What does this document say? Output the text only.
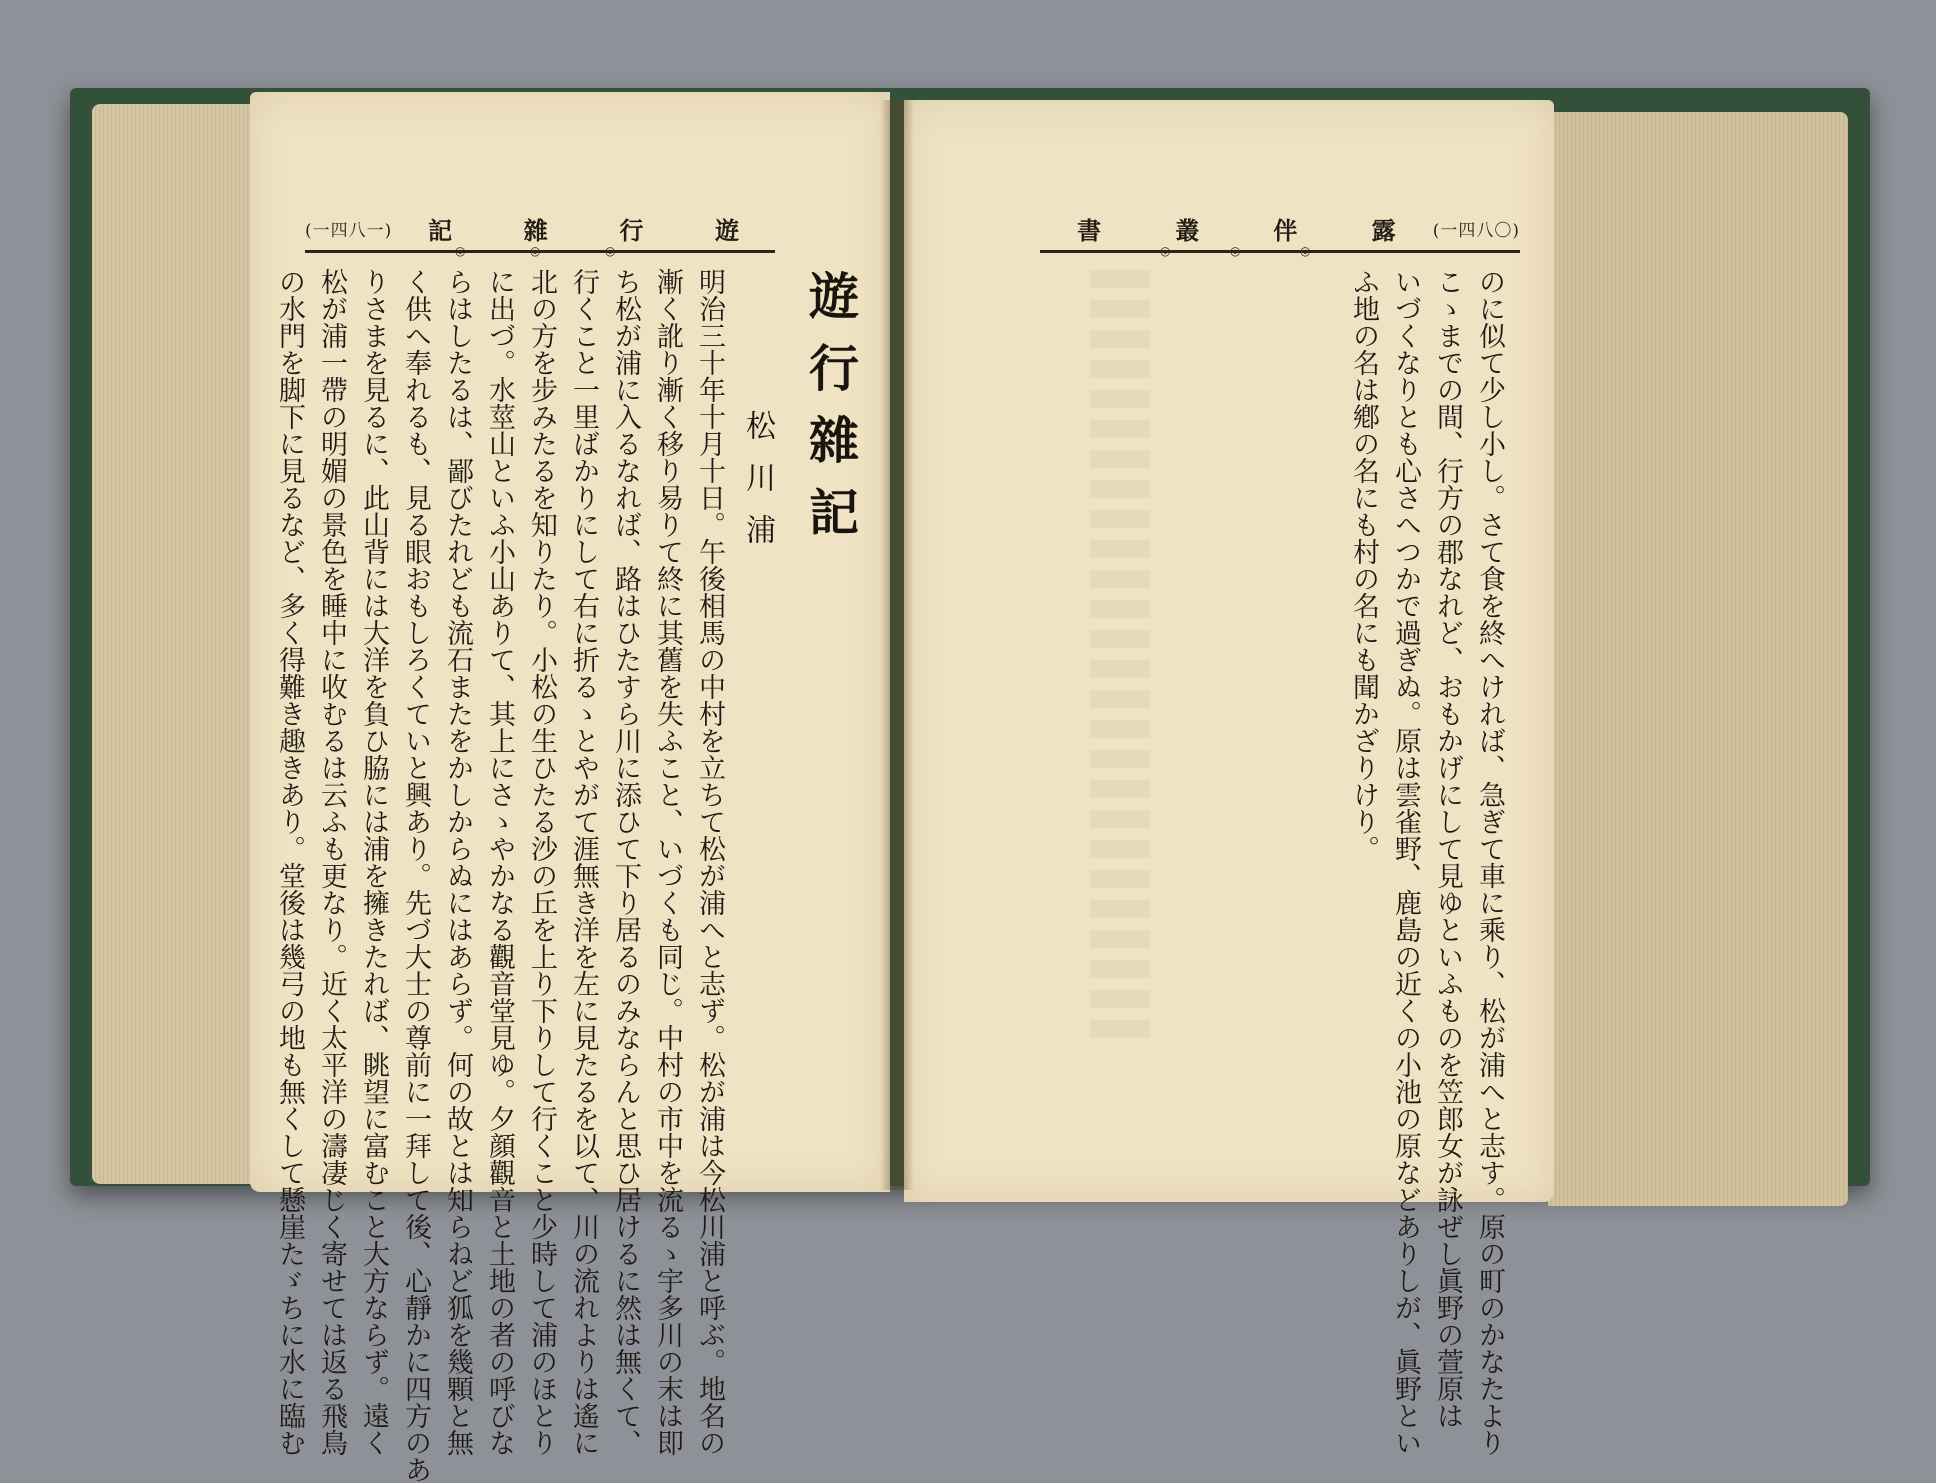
(一四八一) 記	雜	行	遊
◎	◎	◎
遊行雜記
松川浦
明治三十年十月十日。午後相馬の中村を立ちて松が浦へと志ず。松が浦は今松川浦と呼ぶ。地名の
漸く訛り漸く移り易りて終に其舊を失ふこと、いづくも同じ。中村の市中を流るゝ宇多川の末は即
ち松が浦に入るなれば、路はひたすら川に添ひて下り居るのみならんと思ひ居けるに然は無くて、
行くこと一里ばかりにして右に折るゝとやがて涯無き洋を左に見たるを以て、川の流れよりは遙に
北の方を步みたるを知りたり。小松の生ひたる沙の丘を上り下りして行くこと少時して浦のほとり
に出づ。水莖山といふ小山ありて、其上にさゝやかなる觀音堂見ゆ。夕顔觀音と土地の者の呼びな
らはしたるは、鄙びたれども流石またをかしからぬにはあらず。何の故とは知らねど狐を幾顆と無
く供へ奉れるも、見る眼おもしろくていと興あり。先づ大士の尊前に一拜して後、心靜かに四方のあ
りさまを見るに、此山背には大洋を負ひ脇には浦を擁きたれば、眺望に富むこと大方ならず。遠く
松が浦一帶の明媚の景色を睡中に收むるは云ふも更なり。近く太平洋の濤凄じく寄せては返る飛鳥
の水門を脚下に見るなど、多く得難き趣きあり。堂後は幾弓の地も無くして懸崖たゞちに水に臨む
書	叢	伴	露 (一四八〇)
◎	◎	◎
のに似て少し小し。さて食を終へければ、急ぎて車に乘り、松が浦へと志す。原の町のかなたより
こゝまでの間、行方の郡なれど、おもかげにして見ゆといふものを笠郎女が詠ぜし眞野の萱原は
いづくなりとも心さへつかで過ぎぬ。原は雲雀野、鹿島の近くの小池の原などありしが、眞野とい
ふ地の名は鄕の名にも村の名にも聞かざりけり。
